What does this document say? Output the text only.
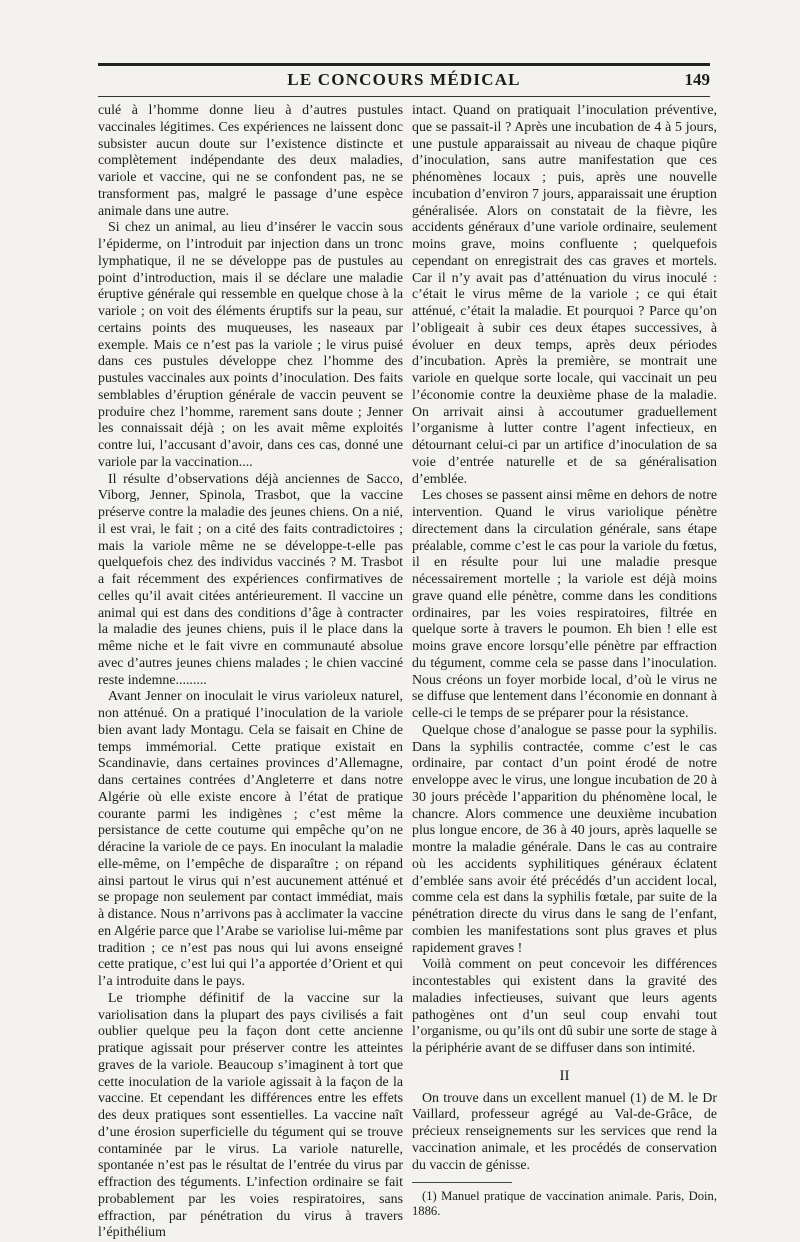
LE CONCOURS MÉDICAL	149

culé à l’homme donne lieu à d’autres pustules vaccinales légitimes. Ces expériences ne laissent donc subsister aucun doute sur l’existence distincte et complètement indépendante des deux maladies, variole et vaccine, qui ne se confondent pas, ne se transforment pas, malgré le passage d’une espèce animale dans une autre.

Si chez un animal, au lieu d’insérer le vaccin sous l’épiderme, on l’introduit par injection dans un tronc lymphatique, il ne se développe pas de pustules au point d’introduction, mais il se déclare une maladie éruptive générale qui ressemble en quelque chose à la variole ; on voit des éléments éruptifs sur la peau, sur certains points des muqueuses, les naseaux par exemple. Mais ce n’est pas la variole ; le virus puisé dans ces pustules développe chez l’homme des pustules vaccinales aux points d’inoculation. Des faits semblables d’éruption générale de vaccin peuvent se produire chez l’homme, rarement sans doute ; Jenner les connaissait déjà ; on les avait même exploités contre lui, l’accusant d’avoir, dans ces cas, donné une variole par la vaccination....

Il résulte d’observations déjà anciennes de Sacco, Viborg, Jenner, Spinola, Trasbot, que la vaccine préserve contre la maladie des jeunes chiens. On a nié, il est vrai, le fait ; on a cité des faits contradictoires ; mais la variole même ne se développe-t-elle pas quelquefois chez des individus vaccinés ? M. Trasbot a fait récemment des expériences confirmatives de celles qu’il avait citées antérieurement. Il vaccine un animal qui est dans des conditions d’âge à contracter la maladie des jeunes chiens, puis il le place dans la même niche et le fait vivre en communauté absolue avec d’autres jeunes chiens malades ; le chien vacciné reste indemne.........

Avant Jenner on inoculait le virus varioleux naturel, non atténué. On a pratiqué l’inoculation de la variole bien avant lady Montagu. Cela se faisait en Chine de temps immémorial. Cette pratique existait en Scandinavie, dans certaines provinces d’Allemagne, dans certaines contrées d’Angleterre et dans notre Algérie où elle existe encore à l’état de pratique courante parmi les indigènes ; c’est même la persistance de cette coutume qui empêche qu’on ne déracine la variole de ce pays. En inoculant la maladie elle-même, on l’empêche de disparaître ; on répand ainsi partout le virus qui n’est aucunement atténué et se propage non seulement par contact immédiat, mais à distance. Nous n’arrivons pas à acclimater la vaccine en Algérie parce que l’Arabe se variolise lui-même par tradition ; ce n’est pas nous qui lui avons enseigné cette pratique, c’est lui qui l’a apportée d’Orient et qui l’a introduite dans le pays.

Le triomphe définitif de la vaccine sur la variolisation dans la plupart des pays civilisés a fait oublier quelque peu la façon dont cette ancienne pratique agissait pour préserver contre les atteintes graves de la variole. Beaucoup s’imaginent à tort que cette inoculation de la variole agissait à la façon de la vaccine. Et cependant les différences entre les effets des deux pratiques sont essentielles. La vaccine naît d’une érosion superficielle du tégument qui se trouve contaminée par le virus. La variole naturelle, spontanée n’est pas le résultat de l’entrée du virus par effraction des téguments. L’infection ordinaire se fait probablement par les voies respiratoires, sans effraction, par pénétration du virus à travers l’épithélium

intact. Quand on pratiquait l’inoculation préventive, que se passait-il ? Après une incubation de 4 à 5 jours, une pustule apparaissait au niveau de chaque piqûre d’inoculation, sans autre manifestation que ces phénomènes locaux ; puis, après une nouvelle incubation d’environ 7 jours, apparaissait une éruption généralisée. Alors on constatait de la fièvre, les accidents généraux d’une variole ordinaire, seulement moins grave, moins confluente ; quelquefois cependant on enregistrait des cas graves et mortels. Car il n’y avait pas d’atténuation du virus inoculé : c’était le virus même de la variole ; ce qui était atténué, c’était la maladie. Et pourquoi ? Parce qu’on l’obligeait à subir ces deux étapes successives, à évoluer en deux temps, après deux périodes d’incubation. Après la première, se montrait une variole en quelque sorte locale, qui vaccinait un peu l’économie contre la deuxième phase de la maladie. On arrivait ainsi à accoutumer graduellement l’organisme à lutter contre l’agent infectieux, en détournant celui-ci par un artifice d’inoculation de sa voie d’entrée naturelle et de sa généralisation d’emblée.

Les choses se passent ainsi même en dehors de notre intervention. Quand le virus variolique pénètre directement dans la circulation générale, sans étape préalable, comme c’est le cas pour la variole du fœtus, il en résulte pour lui une maladie presque nécessairement mortelle ; la variole est déjà moins grave quand elle pénètre, comme dans les conditions ordinaires, par les voies respiratoires, filtrée en quelque sorte à travers le poumon. Eh bien ! elle est moins grave encore lorsqu’elle pénètre par effraction du tégument, comme cela se passe dans l’inoculation. Nous créons un foyer morbide local, d’où le virus ne se diffuse que lentement dans l’économie en donnant à celle-ci le temps de se préparer pour la résistance.

Quelque chose d’analogue se passe pour la syphilis. Dans la syphilis contractée, comme c’est le cas ordinaire, par contact d’un point érodé de notre enveloppe avec le virus, une longue incubation de 20 à 30 jours précède l’apparition du phénomène local, le chancre. Alors commence une deuxième incubation plus longue encore, de 36 à 40 jours, après laquelle se montre la maladie générale. Dans le cas au contraire où les accidents syphilitiques généraux éclatent d’emblée sans avoir été précédés d’un accident local, comme cela est dans la syphilis fœtale, par suite de la pénétration directe du virus dans le sang de l’enfant, combien les manifestations sont plus graves et plus rapidement graves !

Voilà comment on peut concevoir les différences incontestables qui existent dans la gravité des maladies infectieuses, suivant que leurs agents pathogènes ont d’un seul coup envahi tout l’organisme, ou qu’ils ont dû subir une sorte de stage à la périphérie avant de se diffuser dans son intimité.

II

On trouve dans un excellent manuel (1) de M. le Dr Vaillard, professeur agrégé au Val-de-Grâce, de précieux renseignements sur les services que rend la vaccination animale, et les procédés de conservation du vaccin de génisse.

(1) Manuel pratique de vaccination animale. Paris, Doin, 1886.
